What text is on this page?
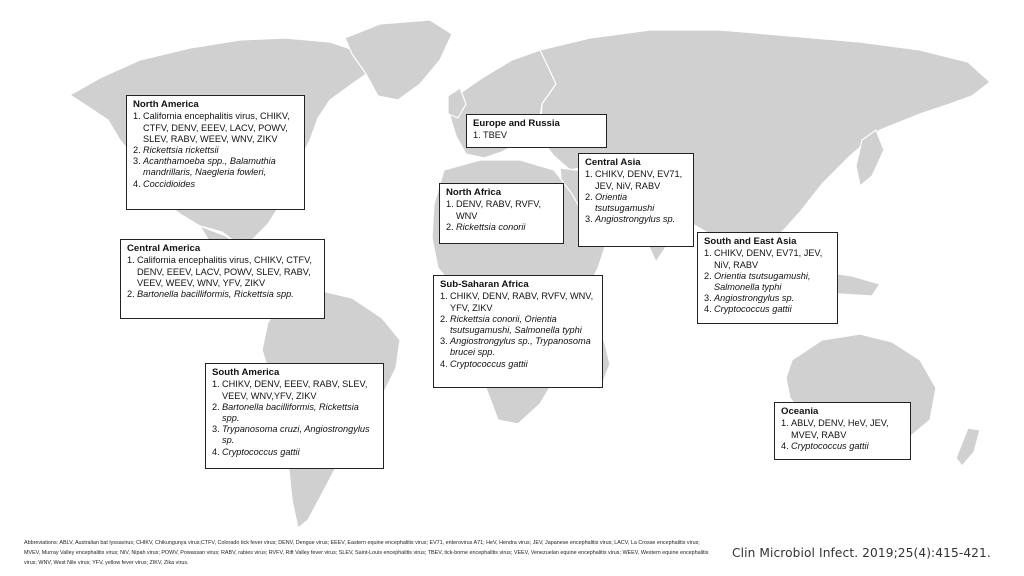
North America
1. California encephalitis virus, CHIKV, CTFV, DENV, EEEV, LACV, POWV, SLEV, RABV, WEEV, WNV, ZIKV
2. Rickettsia rickettsii
3. Acanthamoeba spp., Balamuthia mandrillaris, Naegleria fowleri,
4. Coccidioides
Central America
1. California encephalitis virus, CHIKV, CTFV, DENV, EEEV, LACV, POWV, SLEV, RABV, VEEV, WEEV, WNV, YFV, ZIKV
2. Bartonella bacilliformis, Rickettsia spp.
South America
1. CHIKV, DENV, EEEV, RABV, SLEV, VEEV, WNV,YFV, ZIKV
2. Bartonella bacilliformis, Rickettsia spp.
3. Trypanosoma cruzi, Angiostrongylus sp.
4. Cryptococcus gattii
Europe and Russia
1. TBEV
Central Asia
1. CHIKV, DENV, EV71, JEV, NiV, RABV
2. Orientia tsutsugamushi
3. Angiostrongylus sp.
North Africa
1. DENV, RABV, RVFV, WNV
2. Rickettsia conorii
Sub-Saharan Africa
1. CHIKV, DENV, RABV, RVFV, WNV, YFV, ZIKV
2. Rickettsia conorii, Orientia tsutsugamushi, Salmonella typhi
3. Angiostrongylus sp., Trypanosoma brucei spp.
4. Cryptococcus gattii
South and East Asia
1. CHIKV, DENV, EV71, JEV, NiV, RABV
2. Orientia tsutsugamushi, Salmonella typhi
3. Angiostrongylus sp.
4. Cryptococcus gattii
Oceania
1. ABLV, DENV, HeV, JEV, MVEV, RABV
4. Cryptococcus gattii
Abbreviations: ABLV, Australian bat lyssavirus; CHIKV, Chikungunya virus;CTFV, Colorado tick fever virus; DENV, Dengue virus; EEEV, Eastern equine encephalitis virus; EV71, enterovirus A71; HeV, Hendra virus; JEV, Japanese encephalitis virus; LACV, La Crosse encephalitis virus; MVEV, Murray Valley encephalitis virus; NiV, Nipah virus; POWV, Powassan virus; RABV, rabies virus; RVFV, Rift Valley fever virus; SLEV, Saint-Louis encephalitis virus; TBEV, tick-borne encephalitis virus; VEEV, Venezuelan equine encephalitis virus; WEEV, Western equine encephalitis virus; WNV, West Nile virus; YFV, yellow fever virus; ZIKV, Zika virus.
Clin Microbiol Infect. 2019;25(4):415-421.
